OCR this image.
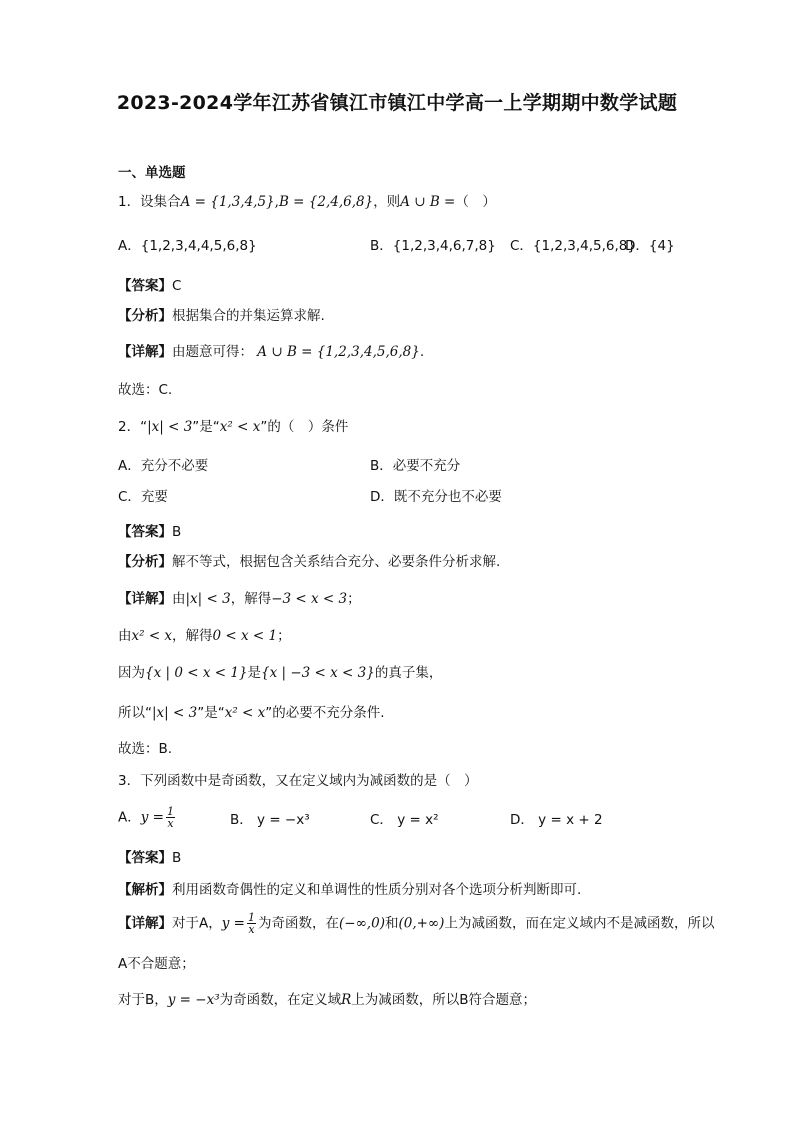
2023-2024学年江苏省镇江市镇江中学高一上学期期中数学试题
一、单选题
1．设集合A = {1,3,4,5},B = {2,4,6,8}，则A ∪ B =（　）
A．{1,2,3,4,4,5,6,8}	B．{1,2,3,4,6,7,8} C．{1,2,3,4,5,6,8}
D．{4}
【答案】C
【分析】根据集合的并集运算求解.
【详解】由题意可得： A ∪ B = {1,2,3,4,5,6,8}.
故选：C.
2．“|x| < 3”是“x² < x”的（　）条件
A．充分不必要	B．必要不充分
C．充要	D．既不充分也不必要
【答案】B
【分析】解不等式，根据包含关系结合充分、必要条件分析求解.
【详解】由|x| < 3，解得−3 < x < 3；
由x² < x，解得0 < x < 1；
因为{x | 0 < x < 1}是{x | −3 < x < 3}的真子集，
所以“|x| < 3”是“x² < x”的必要不充分条件.
故选：B.
3．下列函数中是奇函数，又在定义域内为减函数的是（　）
A．$y = \frac{1}{x}$	B． y = −x³	C． y = x²	D． y = x + 2
【答案】B
【解析】利用函数奇偶性的定义和单调性的性质分别对各个选项分析判断即可.
【详解】对于A，$y = \frac{1}{x}$ 为奇函数，在(−∞,0)和(0,+∞)上为减函数，而在定义域内不是减函数，所以
A不合题意；
对于B，y = −x³为奇函数，在定义域R上为减函数，所以B符合题意；
